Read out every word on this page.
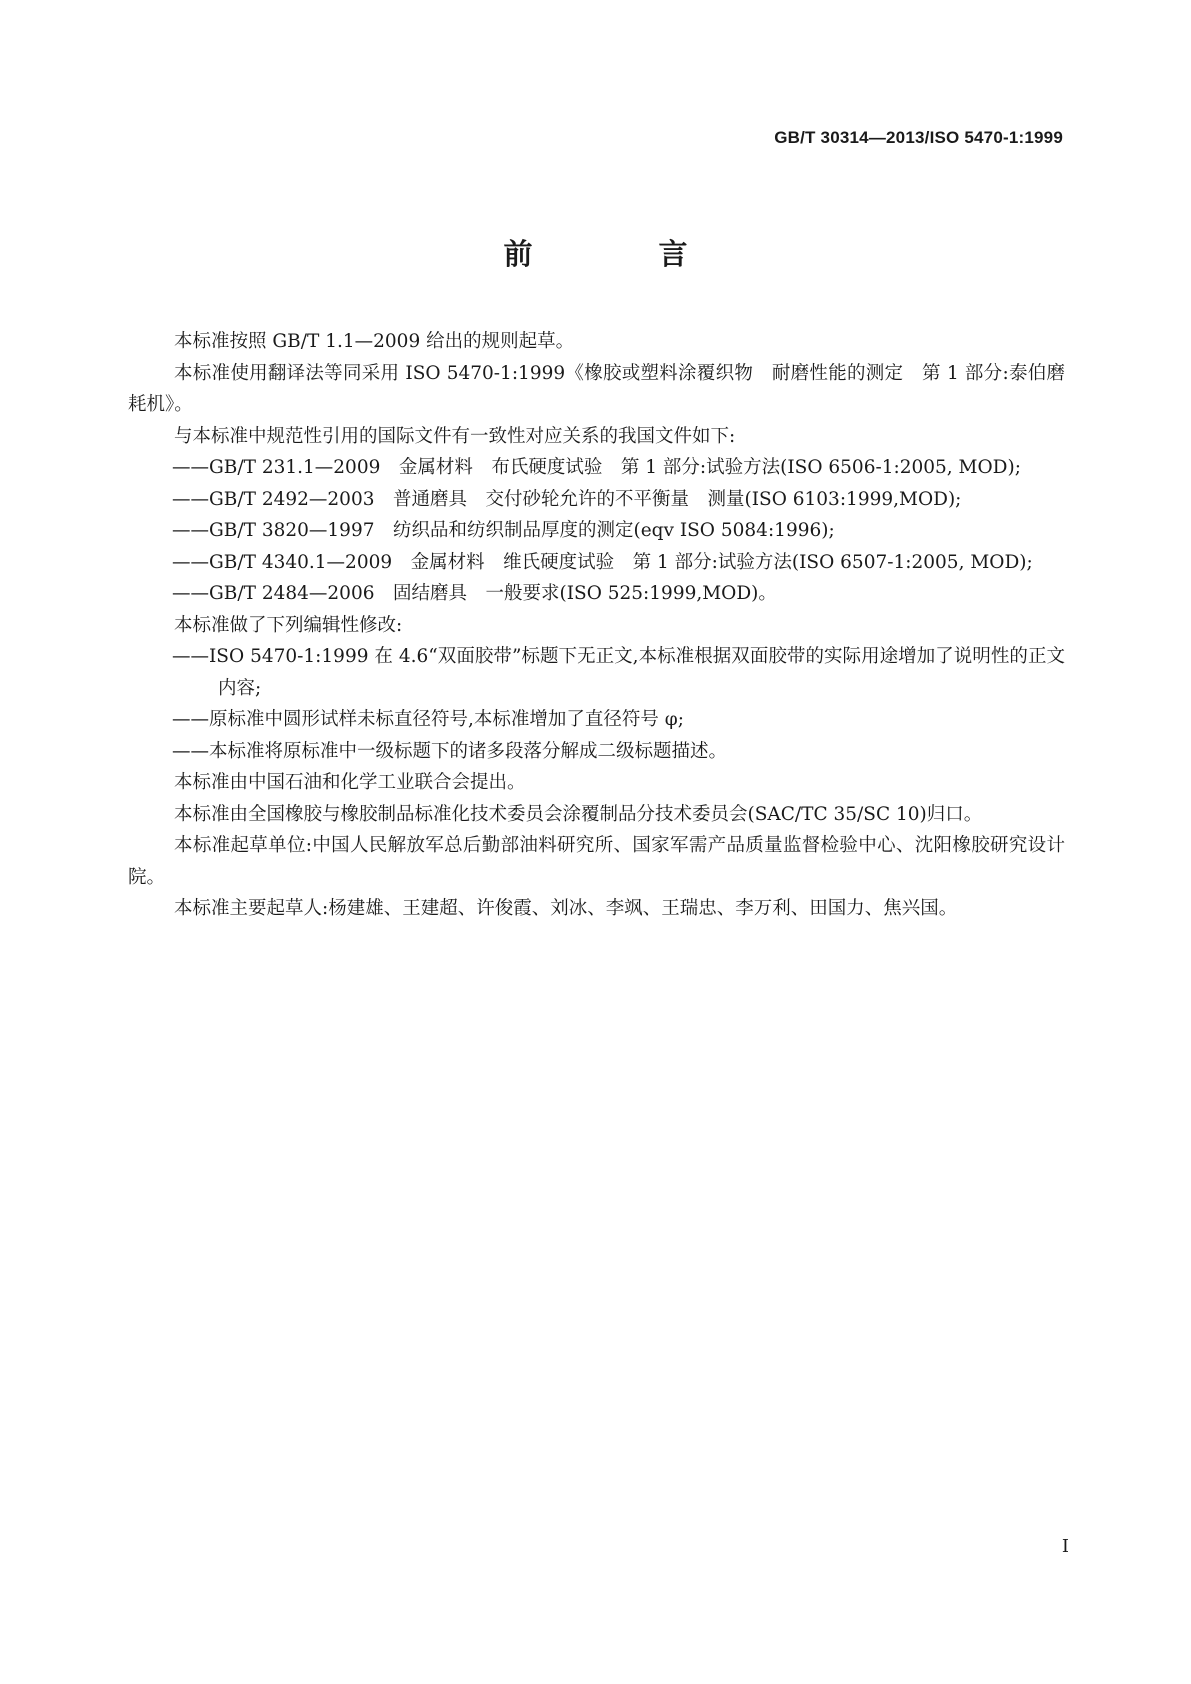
GB/T 30314—2013/ISO 5470-1:1999
前 言

本标准按照 GB/T 1.1—2009 给出的规则起草。

本标准使用翻译法等同采用 ISO 5470-1:1999《橡胶或塑料涂覆织物　耐磨性能的测定　第 1 部分:泰伯磨耗机》。

与本标准中规范性引用的国际文件有一致性对应关系的我国文件如下:

——GB/T 231.1—2009　金属材料　布氏硬度试验　第 1 部分:试验方法(ISO 6506-1:2005, MOD);

——GB/T 2492—2003　普通磨具　交付砂轮允许的不平衡量　测量(ISO 6103:1999,MOD);

——GB/T 3820—1997　纺织品和纺织制品厚度的测定(eqv ISO 5084:1996);

——GB/T 4340.1—2009　金属材料　维氏硬度试验　第 1 部分:试验方法(ISO 6507-1:2005, MOD);

——GB/T 2484—2006　固结磨具　一般要求(ISO 525:1999,MOD)。

本标准做了下列编辑性修改:

——ISO 5470-1:1999 在 4.6“双面胶带”标题下无正文,本标准根据双面胶带的实际用途增加了说明性的正文内容;

——原标准中圆形试样未标直径符号,本标准增加了直径符号 φ;

——本标准将原标准中一级标题下的诸多段落分解成二级标题描述。

本标准由中国石油和化学工业联合会提出。

本标准由全国橡胶与橡胶制品标准化技术委员会涂覆制品分技术委员会(SAC/TC 35/SC 10)归口。

本标准起草单位:中国人民解放军总后勤部油料研究所、国家军需产品质量监督检验中心、沈阳橡胶研究设计院。

本标准主要起草人:杨建雄、王建超、许俊霞、刘冰、李飒、王瑞忠、李万利、田国力、焦兴国。

I
